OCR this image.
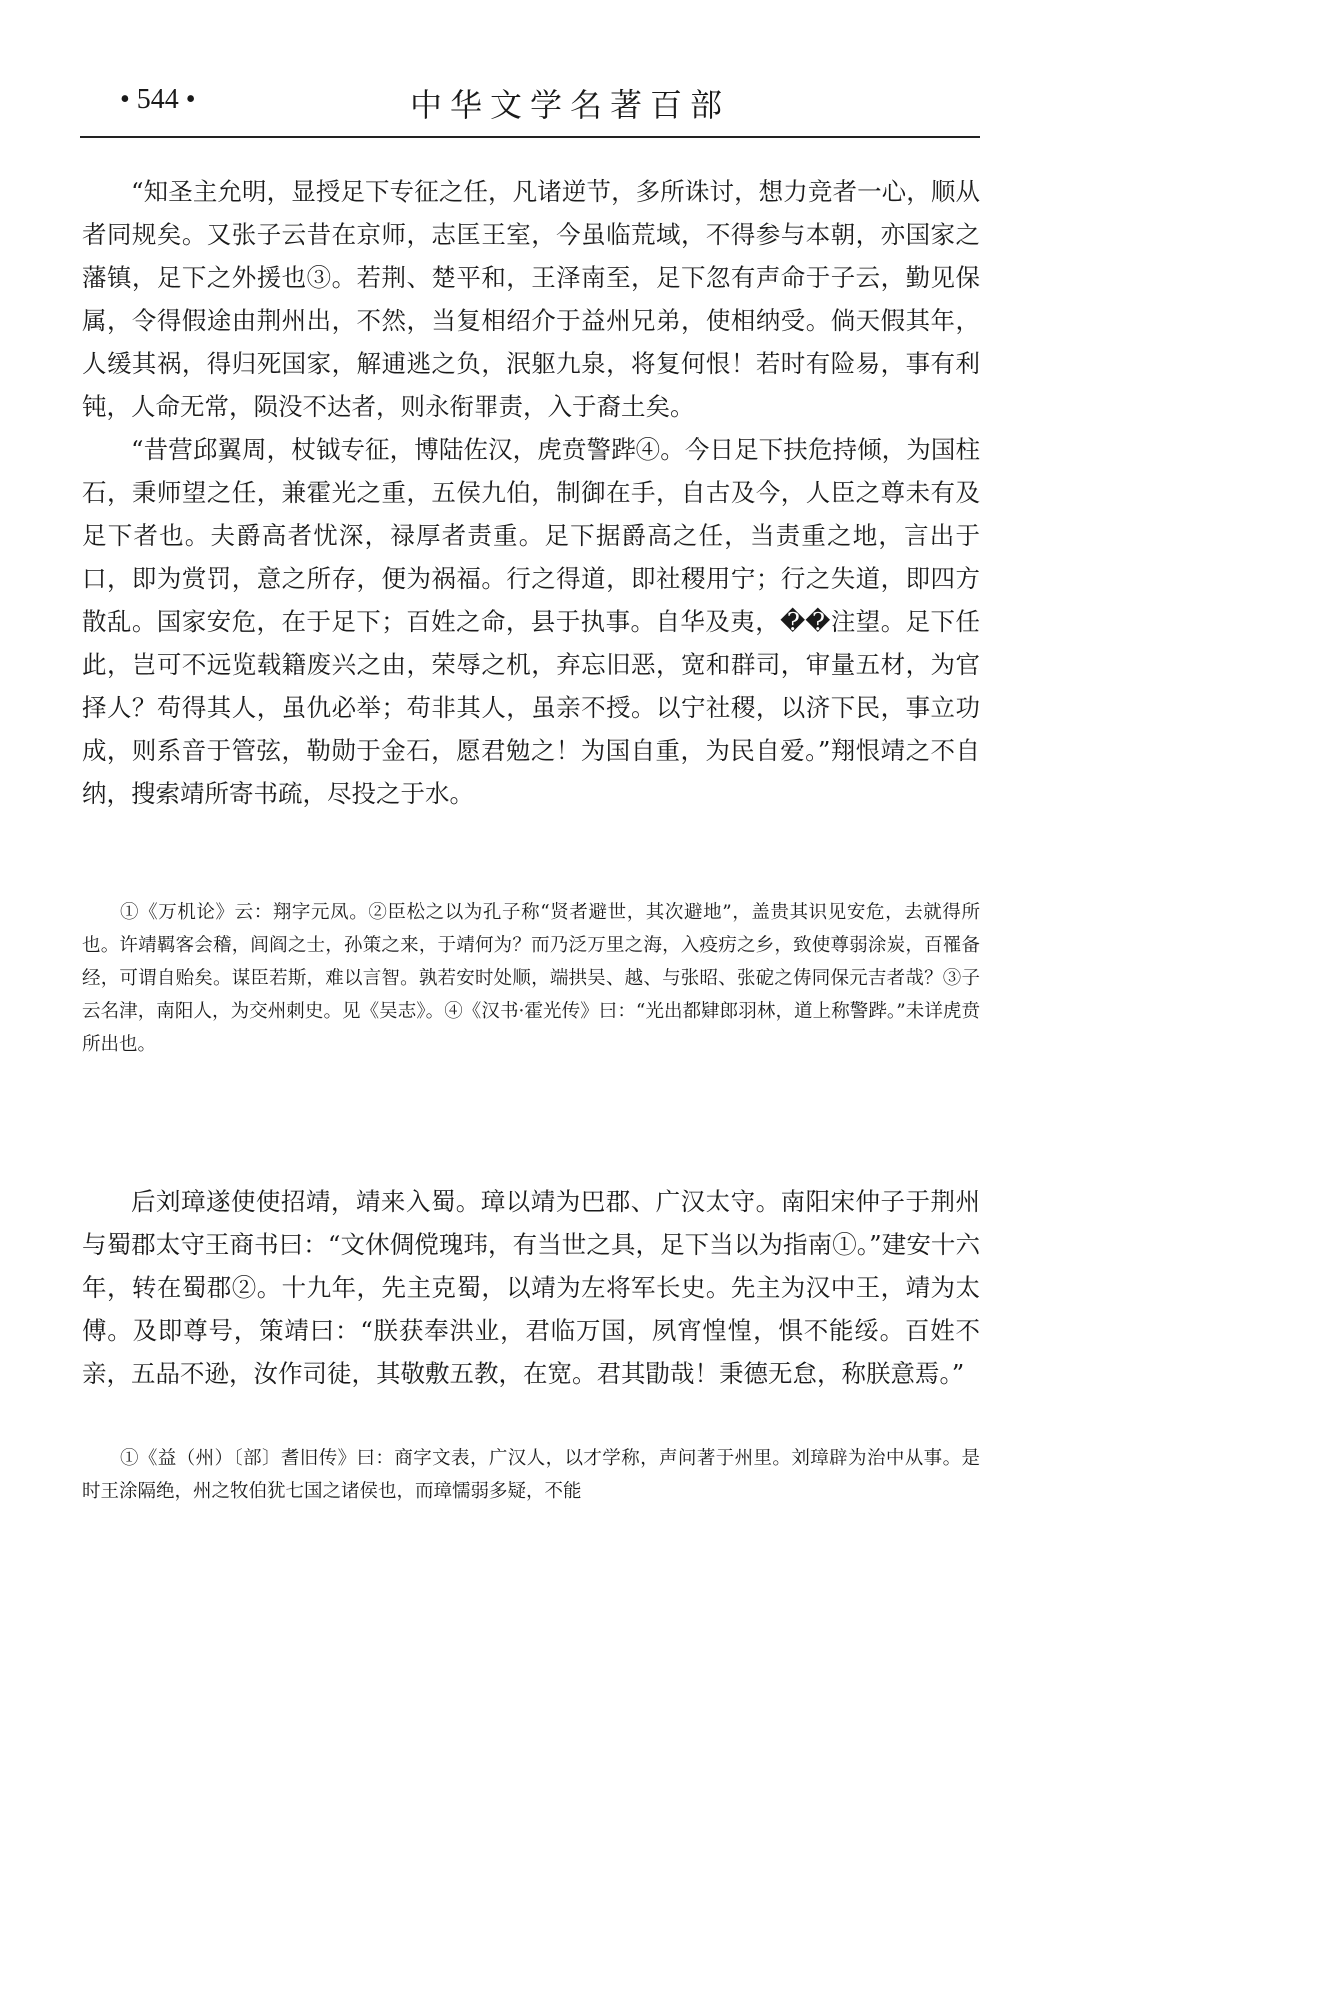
• 544 •	中华文学名著百部

“知圣主允明，显授足下专征之任，凡诸逆节，多所诛讨，想力竞者一心，顺从者同规矣。又张子云昔在京师，志匡王室，今虽临荒域，不得参与本朝，亦国家之藩镇，足下之外援也③。若荆、楚平和，王泽南至，足下忽有声命于子云，勤见保属，令得假途由荆州出，不然，当复相绍介于益州兄弟，使相纳受。倘天假其年，人缓其祸，得归死国家，解逋逃之负，泯躯九泉，将复何恨！若时有险易，事有利钝，人命无常，陨没不达者，则永衔罪责，入于裔土矣。

“昔营邱翼周，杖钺专征，博陆佐汉，虎贲警跸④。今日足下扶危持倾，为国柱石，秉师望之任，兼霍光之重，五侯九伯，制御在手，自古及今，人臣之尊未有及足下者也。夫爵高者忧深，禄厚者责重。足下据爵高之任，当责重之地，言出于口，即为赏罚，意之所存，便为祸福。行之得道，即社稷用宁；行之失道，即四方散乱。国家安危，在于足下；百姓之命，县于执事。自华及夷，��注望。足下任此，岂可不远览载籍废兴之由，荣辱之机，弃忘旧恶，宽和群司，审量五材，为官择人？苟得其人，虽仇必举；苟非其人，虽亲不授。以宁社稷，以济下民，事立功成，则系音于管弦，勒勋于金石，愿君勉之！为国自重，为民自爱。”翔恨靖之不自纳，搜索靖所寄书疏，尽投之于水。

①《万机论》云：翔字元凤。②臣松之以为孔子称“贤者避世，其次避地”，盖贵其识见安危，去就得所也。许靖羁客会稽，闾阎之士，孙策之来，于靖何为？而乃泛万里之海，入疫疠之乡，致使尊弱涂炭，百罹备经，可谓自贻矣。谋臣若斯，难以言智。孰若安时处顺，端拱吴、越、与张昭、张砨之俦同保元吉者哉？③子云名津，南阳人，为交州刺史。见《吴志》。④《汉书·霍光传》曰：“光出都肄郎羽林，道上称警跸。”未详虎贲所出也。

后刘璋遂使使招靖，靖来入蜀。璋以靖为巴郡、广汉太守。南阳宋仲子于荆州与蜀郡太守王商书曰：“文休倜傥瑰玮，有当世之具，足下当以为指南①。”建安十六年，转在蜀郡②。十九年，先主克蜀，以靖为左将军长史。先主为汉中王，靖为太傅。及即尊号，策靖曰：“朕获奉洪业，君临万国，夙宵惶惶，惧不能绥。百姓不亲，五品不逊，汝作司徒，其敬敷五教，在宽。君其勖哉！秉德无怠，称朕意焉。”

①《益（州）〔部〕耆旧传》曰：商字文表，广汉人，以才学称，声问著于州里。刘璋辟为治中从事。是时王涂隔绝，州之牧伯犹七国之诸侯也，而璋懦弱多疑，不能
